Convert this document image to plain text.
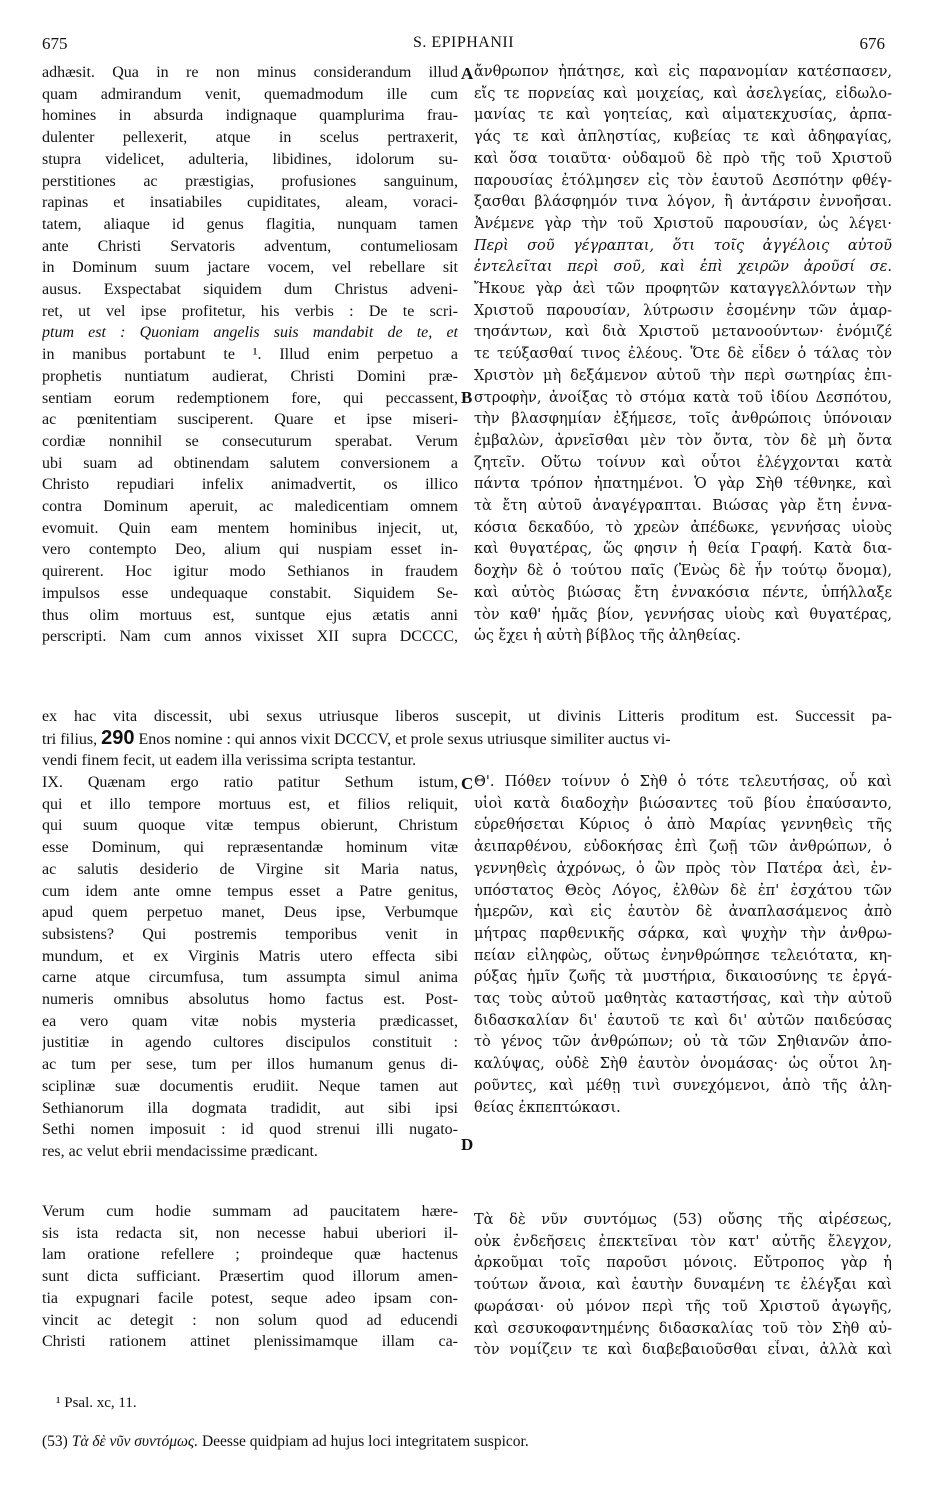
675	S. EPIPHANII	676
adhæsit. Qua in re non minus considerandum illud
quam admirandum venit, quemadmodum ille cum
homines in absurda indignaque quamplurima frau-
dulenter pellexerit, atque in scelus pertraxerit,
stupra videlicet, adulteria, libidines, idolorum su-
perstitiones ac præstigias, profusiones sanguinum,
rapinas et insatiabiles cupiditates, aleam, voraci-
tatem, aliaque id genus flagitia, nunquam tamen
ante Christi Servatoris adventum, contumeliosam
in Dominum suum jactare vocem, vel rebellare sit
ausus. Exspectabat siquidem dum Christus adveni-
ret, ut vel ipse profitetur, his verbis : De te scri-
ptum est : Quoniam angelis suis mandabit de te, et
in manibus portabunt te ¹. Illud enim perpetuo a
prophetis nuntiatum audierat, Christi Domini præ-
sentiam eorum redemptionem fore, qui peccassent,
ac pœnitentiam susciperent. Quare et ipse miseri-
cordiæ nonnihil se consecuturum sperabat. Verum
ubi suam ad obtinendam salutem conversionem a
Christo repudiari infelix animadvertit, os illico
contra Dominum aperuit, ac maledicentiam omnem
evomuit. Quin eam mentem hominibus injecit, ut,
vero contempto Deo, alium qui nuspiam esset in-
quirerent. Hoc igitur modo Sethianos in fraudem
impulsos esse undequaque constabit. Siquidem Se-
thus olim mortuus est, suntque ejus ætatis anni
perscripti. Nam cum annos vixisset XII supra DCCCC,
A
B
C
D
ἄνθρωπον ἠπάτησε, καὶ εἰς παρανομίαν κατέσπασεν,
εἴς τε πορνείας καὶ μοιχείας, καὶ ἀσελγείας, εἰδωλο-
μανίας τε καὶ γοητείας, καὶ αἱματεκχυσίας, ἁρπα-
γάς τε καὶ ἀπληστίας, κυβείας τε καὶ ἀδηφαγίας,
καὶ ὅσα τοιαῦτα· οὐδαμοῦ δὲ πρὸ τῆς τοῦ Χριστοῦ
παρουσίας ἐτόλμησεν εἰς τὸν ἑαυτοῦ Δεσπότην φθέγ-
ξασθαι βλάσφημόν τινα λόγον, ἢ ἀντάρσιν ἐννοῆσαι.
Ἀνέμενε γὰρ τὴν τοῦ Χριστοῦ παρουσίαν, ὡς λέγει·
Περὶ σοῦ γέγραπται, ὅτι τοῖς ἀγγέλοις αὐτοῦ
ἐντελεῖται περὶ σοῦ, καὶ ἐπὶ χειρῶν ἀροῦσί σε.
Ἤκουε γὰρ ἀεὶ τῶν προφητῶν καταγγελλόντων τὴν
Χριστοῦ παρουσίαν, λύτρωσιν ἐσομένην τῶν ἁμαρ-
τησάντων, καὶ διὰ Χριστοῦ μετανοούντων· ἐνόμιζέ
τε τεύξασθαί τινος ἐλέους. Ὅτε δὲ εἶδεν ὁ τάλας τὸν
Χριστὸν μὴ δεξάμενον αὐτοῦ τὴν περὶ σωτηρίας ἐπι-
στροφὴν, ἀνοίξας τὸ στόμα κατὰ τοῦ ἰδίου Δεσπότου,
τὴν βλασφημίαν ἐξήμεσε, τοῖς ἀνθρώποις ὑπόνοιαν
ἐμβαλὼν, ἀρνεῖσθαι μὲν τὸν ὄντα, τὸν δὲ μὴ ὄντα
ζητεῖν. Οὕτω τοίνυν καὶ οὗτοι ἐλέγχονται κατὰ
πάντα τρόπον ἠπατημένοι. Ὁ γὰρ Σὴθ τέθνηκε, καὶ
τὰ ἔτη αὐτοῦ ἀναγέγραπται. Βιώσας γὰρ ἔτη ἐννα-
κόσια δεκαδύο, τὸ χρεὼν ἀπέδωκε, γεννήσας υἱοὺς
καὶ θυγατέρας, ὥς φησιν ἡ θεία Γραφή. Κατὰ δια-
δοχὴν δὲ ὁ τούτου παῖς (Ἐνὼς δὲ ἦν τούτῳ ὄνομα),
καὶ αὐτὸς βιώσας ἔτη ἐννακόσια πέντε, ὑπήλλαξε
τὸν καθ' ἡμᾶς βίον, γεννήσας υἱοὺς καὶ θυγατέρας,
ὡς ἔχει ἡ αὐτὴ βίβλος τῆς ἀληθείας.
ex hac vita discessit, ubi sexus utriusque liberos suscepit, ut divinis Litteris proditum est. Successit pa-
tri filius, 290 Enos nomine : qui annos vixit DCCCV, et prole sexus utriusque similiter auctus vi-
vendi finem fecit, ut eadem illa verissima scripta testantur.
IX. Quænam ergo ratio patitur Sethum istum,
qui et illo tempore mortuus est, et filios reliquit,
qui suum quoque vitæ tempus obierunt, Christum
esse Dominum, qui repræsentandæ hominum vitæ
ac salutis desiderio de Virgine sit Maria natus,
cum idem ante omne tempus esset a Patre genitus,
apud quem perpetuo manet, Deus ipse, Verbumque
subsistens? Qui postremis temporibus venit in
mundum, et ex Virginis Matris utero effecta sibi
carne atque circumfusa, tum assumpta simul anima
numeris omnibus absolutus homo factus est. Post-
ea vero quam vitæ nobis mysteria prædicasset,
justitiæ in agendo cultores discipulos constituit :
ac tum per sese, tum per illos humanum genus di-
sciplinæ suæ documentis erudiit. Neque tamen aut
Sethianorum illa dogmata tradidit, aut sibi ipsi
Sethi nomen imposuit : id quod strenui illi nugato-
res, ac velut ebrii mendacissime prædicant.
Θ'. Πόθεν τοίνυν ὁ Σὴθ ὁ τότε τελευτήσας, οὗ καὶ
υἱοὶ κατὰ διαδοχὴν βιώσαντες τοῦ βίου ἐπαύσαντο,
εὑρεθήσεται Κύριος ὁ ἀπὸ Μαρίας γεννηθεὶς τῆς
ἀειπαρθένου, εὐδοκήσας ἐπὶ ζωῇ τῶν ἀνθρώπων, ὁ
γεννηθεὶς ἀχρόνως, ὁ ὢν πρὸς τὸν Πατέρα ἀεὶ, ἐν-
υπόστατος Θεὸς Λόγος, ἐλθὼν δὲ ἐπ' ἐσχάτου τῶν
ἡμερῶν, καὶ εἰς ἑαυτὸν δὲ ἀναπλασάμενος ἀπὸ
μήτρας παρθενικῆς σάρκα, καὶ ψυχὴν τὴν ἀνθρω-
πείαν εἰληφὼς, οὕτως ἐνηνθρώπησε τελειότατα, κη-
ρύξας ἡμῖν ζωῆς τὰ μυστήρια, δικαιοσύνης τε ἐργά-
τας τοὺς αὐτοῦ μαθητὰς καταστήσας, καὶ τὴν αὐτοῦ
διδασκαλίαν δι' ἑαυτοῦ τε καὶ δι' αὐτῶν παιδεύσας
τὸ γένος τῶν ἀνθρώπων; οὐ τὰ τῶν Σηθιανῶν ἀπο-
καλύψας, οὐδὲ Σὴθ ἑαυτὸν ὀνομάσας· ὡς οὗτοι λη-
ροῦντες, καὶ μέθῃ τινὶ συνεχόμενοι, ἀπὸ τῆς ἀλη-
θείας ἐκπεπτώκασι.
Verum cum hodie summam ad paucitatem hære-
sis ista redacta sit, non necesse habui uberiori il-
lam oratione refellere ; proindeque quæ hactenus
sunt dicta sufficiant. Præsertim quod illorum amen-
tia expugnari facile potest, seque adeo ipsam con-
vincit ac detegit : non solum quod ad educendi
Christi rationem attinet plenissimamque illam ca-
Τὰ δὲ νῦν συντόμως (53) οὔσης τῆς αἱρέσεως,
οὐκ ἐνδεῆσεις ἐπεκτεῖναι τὸν κατ' αὐτῆς ἔλεγχον,
ἀρκοῦμαι τοῖς παροῦσι μόνοις. Εὔτροπος γὰρ ἡ
τούτων ἄνοια, καὶ ἑαυτὴν δυναμένη τε ἐλέγξαι καὶ
φωράσαι· οὐ μόνον περὶ τῆς τοῦ Χριστοῦ ἀγωγῆς,
καὶ σεσυκοφαντημένης διδασκαλίας τοῦ τὸν Σὴθ αὐ-
τὸν νομίζειν τε καὶ διαβεβαιοῦσθαι εἶναι, ἀλλὰ καὶ
¹ Psal. xc, 11.
(53) Τὰ δὲ νῦν συντόμως. Deesse quidpiam ad hujus loci integritatem suspicor.
